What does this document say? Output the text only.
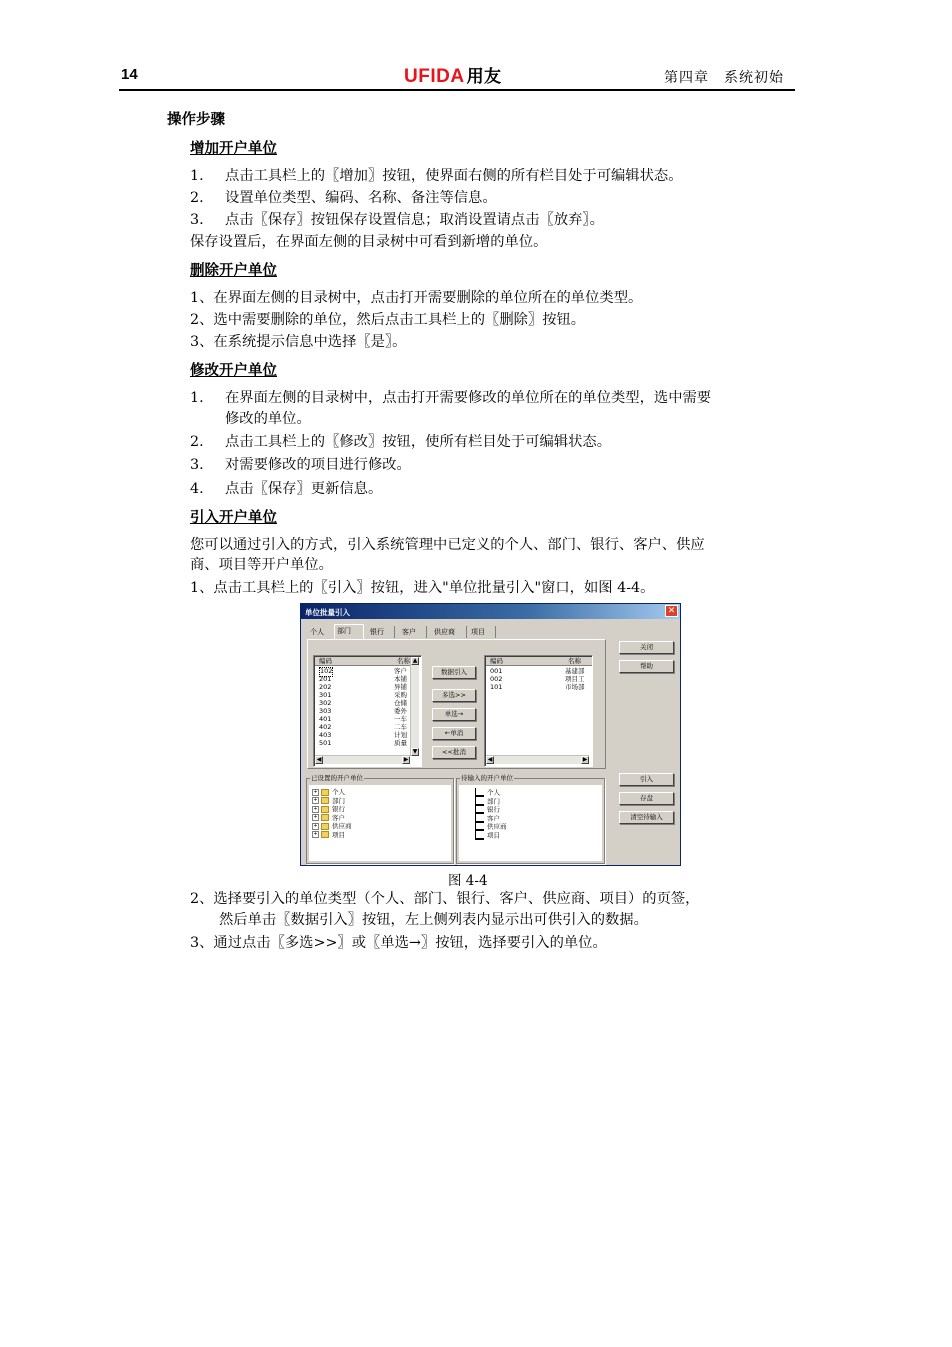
14	UFIDA 用友	第四章　系统初始
操作步骤
增加开户单位
1. 点击工具栏上的〖增加〗按钮，使界面右侧的所有栏目处于可编辑状态。
2. 设置单位类型、编码、名称、备注等信息。
3. 点击〖保存〗按钮保存设置信息；取消设置请点击〖放弃〗。
保存设置后，在界面左侧的目录树中可看到新增的单位。
删除开户单位
1、在界面左侧的目录树中，点击打开需要删除的单位所在的单位类型。
2、选中需要删除的单位，然后点击工具栏上的〖删除〗按钮。
3、在系统提示信息中选择〖是〗。
修改开户单位
1. 在界面左侧的目录树中，点击打开需要修改的单位所在的单位类型，选中需要
修改的单位。
2. 点击工具栏上的〖修改〗按钮，使所有栏目处于可编辑状态。
3. 对需要修改的项目进行修改。
4. 点击〖保存〗更新信息。
引入开户单位
您可以通过引入的方式，引入系统管理中已定义的个人、部门、银行、客户、供应
商、项目等开户单位。
1、点击工具栏上的〖引入〗按钮，进入"单位批量引入"窗口，如图 4-4。
单位批量引入	✕
个人	部门	银行	客户	供应商	项目
编码	名称
102	客户
201	本铺
202	异铺
301	采购
302	仓储
303	委外
401	一车
402	二车
403	计划
501	质量
▲
▼
◀	▶
数据引入
多选>>
单选→
←单消
<<批消
编码	名称
001	基建部
002	项目工
101	市场部
◀	▶
关闭
帮助
引入
存盘
清空待输入
已设置的开户单位
+ 个人
+ 部门
+ 银行
+ 客户
+ 供应商
+ 项目
待输入的开户单位
个人
部门
银行
客户
供应商
项目
图 4-4
2、选择要引入的单位类型（个人、部门、银行、客户、供应商、项目）的页签，
然后单击〖数据引入〗按钮，左上侧列表内显示出可供引入的数据。
3、通过点击〖多选>>〗或〖单选→〗按钮，选择要引入的单位。
